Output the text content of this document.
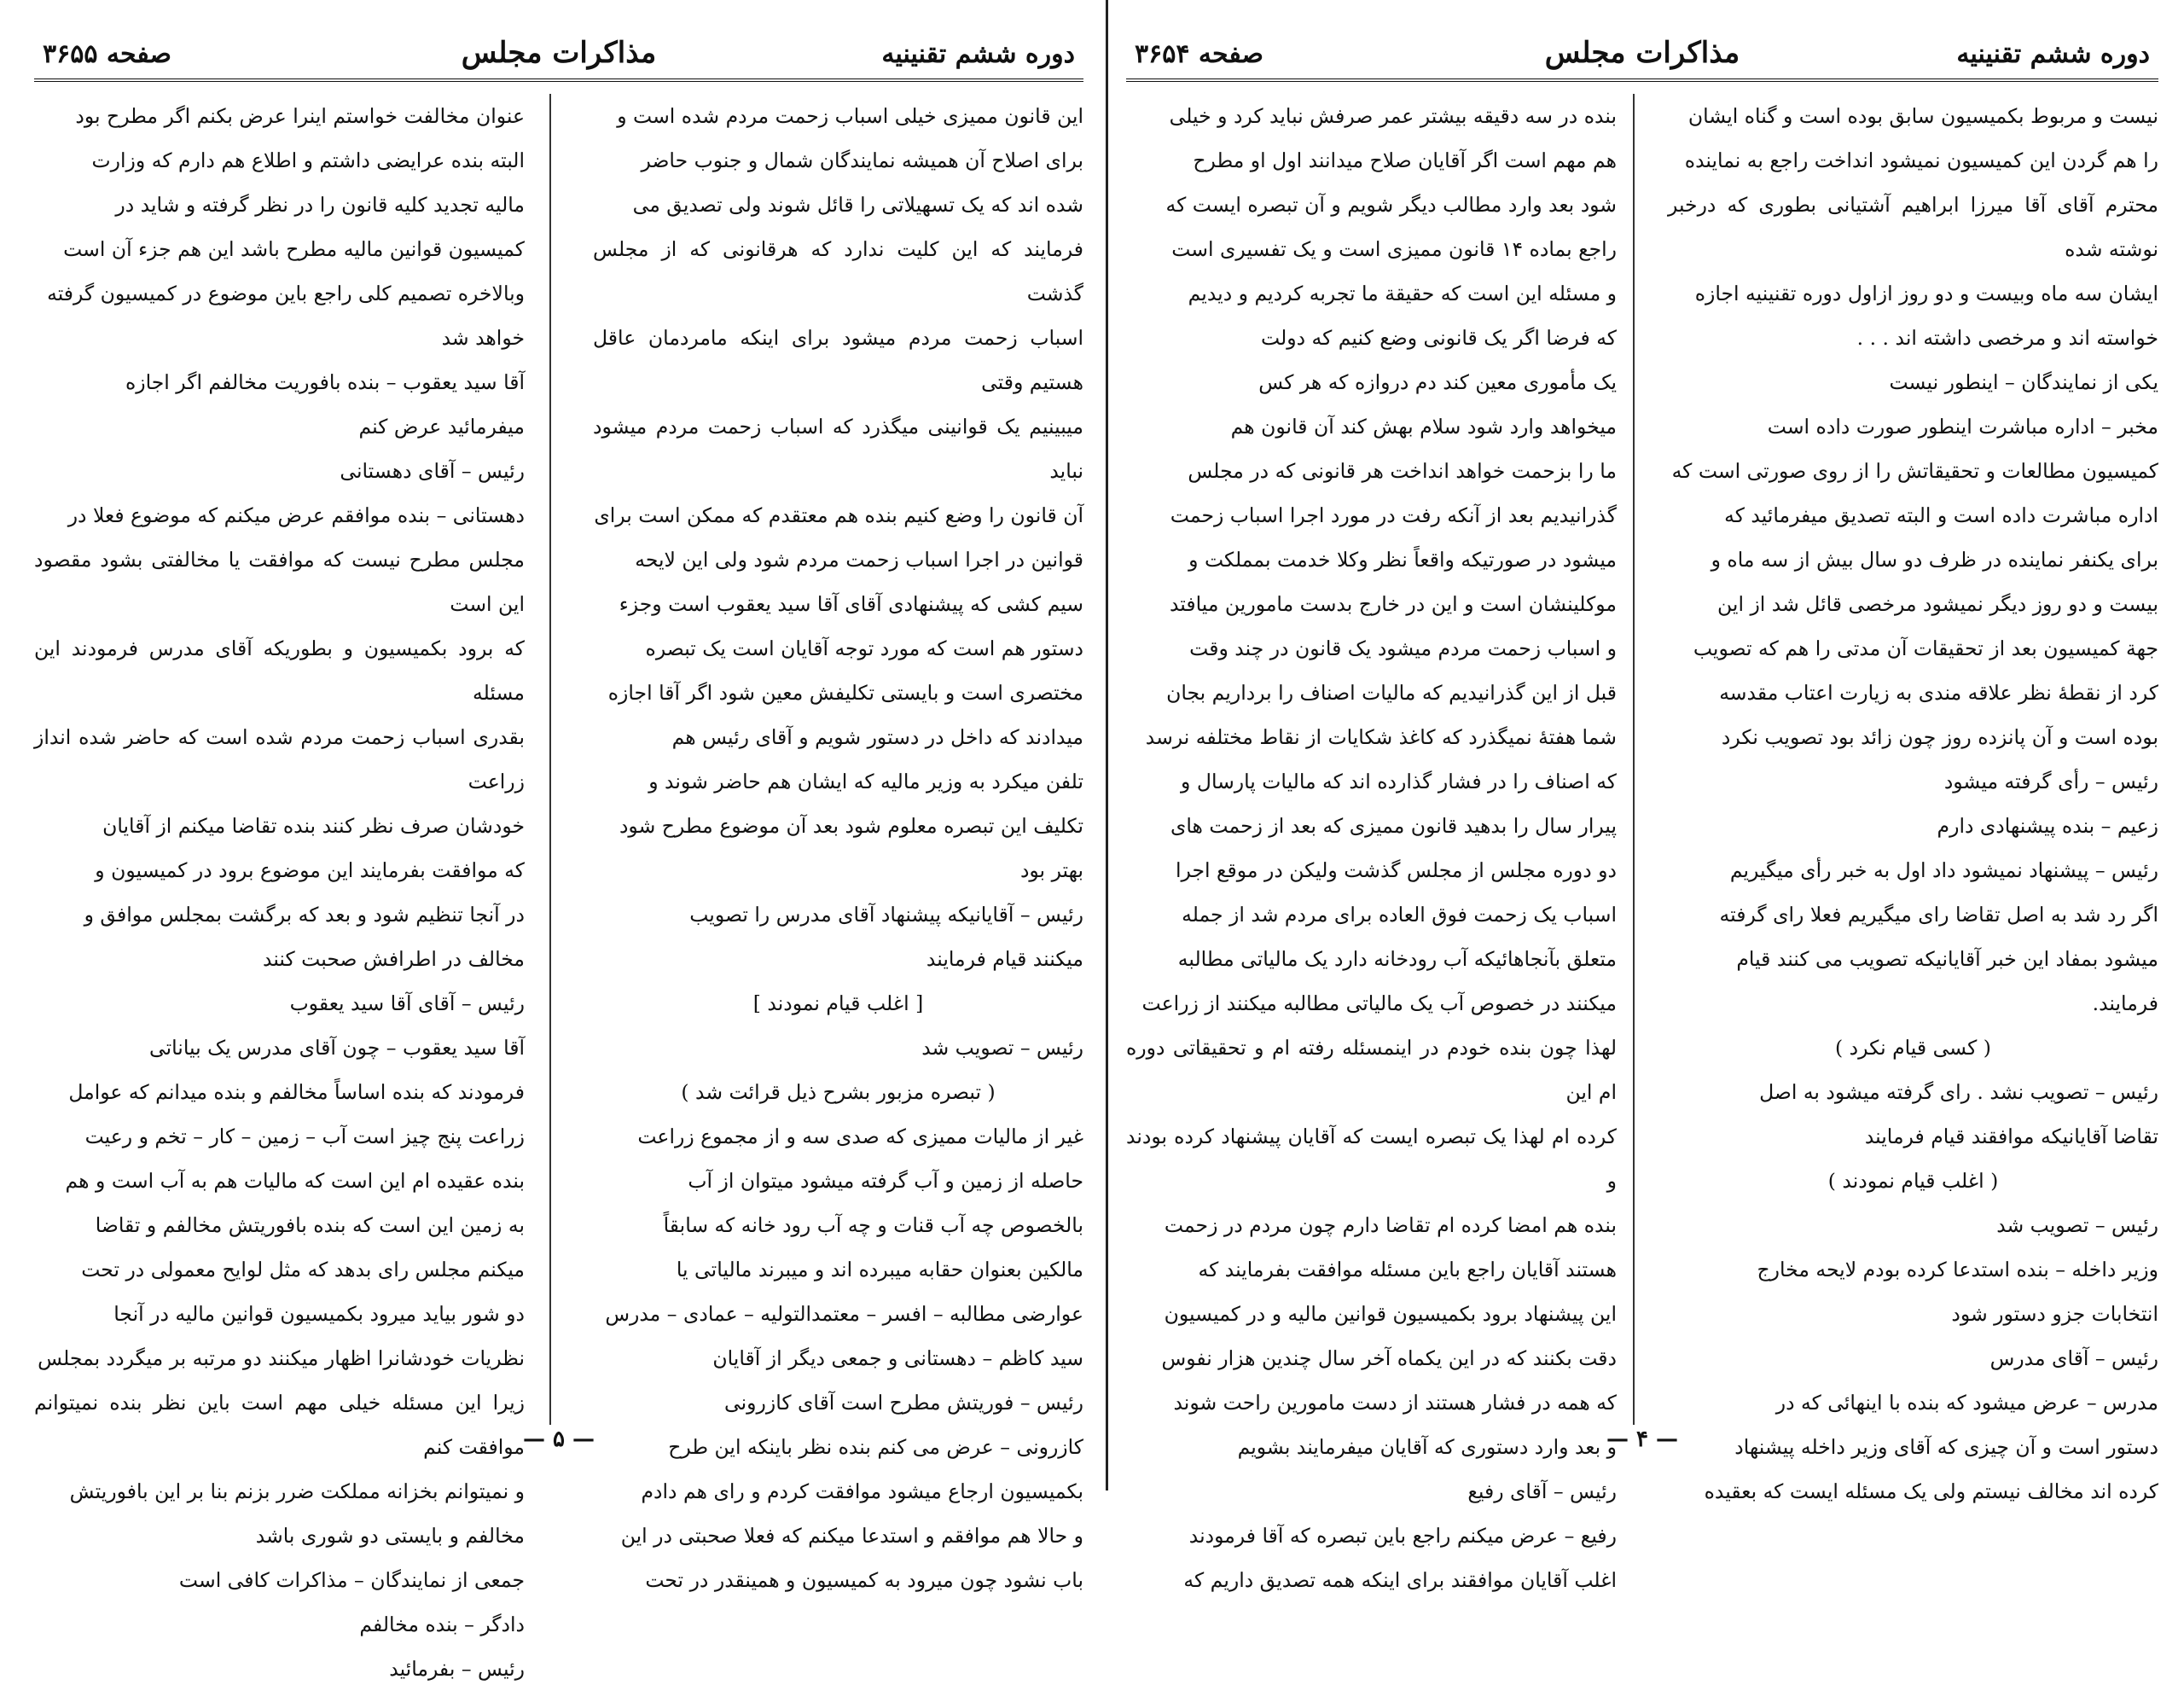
دوره ششم تقنینیه
مذاکرات مجلس
صفحه ۳۶۵۵

این قانون ممیزی خیلی اسباب زحمت مردم شده است و

برای اصلاح آن همیشه نمایندگان شمال و جنوب حاضر

شده اند که یک تسهیلاتی را قائل شوند ولی تصدیق می

فرمایند که این کلیت ندارد که هرقانونی که از مجلس گذشت

اسباب زحمت مردم میشود برای اینکه مامردمان عاقل هستیم وقتی

میبینیم یک قوانینی میگذرد که اسباب زحمت مردم میشود نباید

آن قانون را وضع کنیم بنده هم معتقدم که ممکن است برای

قوانین در اجرا اسباب زحمت مردم شود ولی این لایحه

سیم کشی که پیشنهادی آقای آقا سید یعقوب است وجزء

دستور هم است که مورد توجه آقایان است یک تبصره

مختصری است و بایستی تکلیفش معین شود اگر آقا اجازه

میدادند که داخل در دستور شویم و آقای رئیس هم

تلفن میکرد به وزیر مالیه که ایشان هم حاضر شوند و

تکلیف این تبصره معلوم شود بعد آن موضوع مطرح شود

بهتر بود

رئیس – آقایانیکه پیشنهاد آقای مدرس را تصویب

میکنند قیام فرمایند

[ اغلب قیام نمودند ]

رئیس – تصویب شد

( تبصره مزبور بشرح ذیل قرائت شد )

غیر از مالیات ممیزی که صدی سه و از مجموع زراعت

حاصله از زمین و آب گرفته میشود میتوان از آب

بالخصوص چه آب قنات و چه آب رود خانه که سابقاً

مالکین بعنوان حقابه میبرده اند و میبرند مالیاتی یا

عوارضی مطالبه – افسر – معتمدالتولیه – عمادی – مدرس

سید کاظم – دهستانی و جمعی دیگر از آقایان

رئیس – فوریتش مطرح است آقای کازرونی

کازرونی – عرض می کنم بنده نظر باینکه این طرح

بکمیسیون ارجاع میشود موافقت کردم و رای هم دادم

و حالا هم موافقم و استدعا میکنم که فعلا صحبتی در این

باب نشود چون میرود به کمیسیون و همینقدر در تحت

عنوان مخالفت خواستم اینرا عرض بکنم اگر مطرح بود

البته بنده عرایضی داشتم و اطلاع هم دارم که وزارت

مالیه تجدید کلیه قانون را در نظر گرفته و شاید در

کمیسیون قوانین مالیه مطرح باشد این هم جزء آن است

وبالاخره تصمیم کلی راجع باین موضوع در کمیسیون گرفته

خواهد شد

آقا سید یعقوب – بنده بافوریت مخالفم اگر اجازه

میفرمائید عرض کنم

رئیس – آقای دهستانی

دهستانی – بنده موافقم عرض میکنم که موضوع فعلا در

مجلس مطرح نیست که موافقت یا مخالفتی بشود مقصود این است

که برود بکمیسیون و بطوریکه آقای مدرس فرمودند این مسئله

بقدری اسباب زحمت مردم شده است که حاضر شده انداز زراعت

خودشان صرف نظر کنند بنده تقاضا میکنم از آقایان

که موافقت بفرمایند این موضوع برود در کمیسیون و

در آنجا تنظیم شود و بعد که برگشت بمجلس موافق و

مخالف در اطرافش صحبت کنند

رئیس – آقای آقا سید یعقوب

آقا سید یعقوب – چون آقای مدرس یک بیاناتی

فرمودند که بنده اساساً مخالفم و بنده میدانم که عوامل

زراعت پنج چیز است آب – زمین – کار – تخم و رعیت

بنده عقیده ام این است که مالیات هم به آب است و هم

به زمین این است که بنده بافوریتش مخالفم و تقاضا

میکنم مجلس رای بدهد که مثل لوایح معمولی در تحت

دو شور بیاید میرود بکمیسیون قوانین مالیه در آنجا

نظریات خودشانرا اظهار میکنند دو مرتبه بر میگردد بمجلس

زیرا این مسئله خیلی مهم است باین نظر بنده نمیتوانم موافقت کنم

و نمیتوانم بخزانه مملکت ضرر بزنم بنا بر این بافوریتش

مخالفم و بایستی دو شوری باشد

جمعی از نمایندگان – مذاکرات کافی است

دادگر – بنده مخالفم

رئیس – بفرمائید

— ۵ —
دوره ششم تقنینیه
مذاکرات مجلس
صفحه ۳۶۵۴

نیست و مربوط بکمیسیون سابق بوده است و گناه ایشان

را هم گردن این کمیسیون نمیشود انداخت راجع به نماینده

محترم آقای آقا میرزا ابراهیم آشتیانی بطوری که درخبر نوشته شده

ایشان سه ماه وبیست و دو روز ازاول دوره تقنینیه اجازه

خواسته اند و مرخصی داشته اند . . .

یکی از نمایندگان – اینطور نیست

مخبر – اداره مباشرت اینطور صورت داده است

کمیسیون مطالعات و تحقیقاتش را از روی صورتی است که

اداره مباشرت داده است و البته تصدیق میفرمائید که

برای یکنفر نماینده در ظرف دو سال بیش از سه ماه و

بیست و دو روز دیگر نمیشود مرخصی قائل شد از این

جهة کمیسیون بعد از تحقیقات آن مدتی را هم که تصویب

کرد از نقطهٔ نظر علاقه مندی به زیارت اعتاب مقدسه

بوده است و آن پانزده روز چون زائد بود تصویب نکرد

رئیس – رأی گرفته میشود

زعیم – بنده پیشنهادی دارم

رئیس – پیشنهاد نمیشود داد اول به خبر رأی میگیریم

اگر رد شد به اصل تقاضا رای میگیریم فعلا رای گرفته

میشود بمفاد این خبر آقایانیکه تصویب می کنند قیام

فرمایند.

( کسی قیام نکرد )

رئیس – تصویب نشد . رای گرفته میشود به اصل

تقاضا آقایانیکه موافقند قیام فرمایند

( اغلب قیام نمودند )

رئیس – تصویب شد

وزیر داخله – بنده استدعا کرده بودم لایحه مخارج

انتخابات جزو دستور شود

رئیس – آقای مدرس

مدرس – عرض میشود که بنده با اینهائی که در

دستور است و آن چیزی که آقای وزیر داخله پیشنهاد

کرده اند مخالف نیستم ولی یک مسئله ایست که بعقیده

بنده در سه دقیقه بیشتر عمر صرفش نباید کرد و خیلی

هم مهم است اگر آقایان صلاح میدانند اول او مطرح

شود بعد وارد مطالب دیگر شویم و آن تبصره ایست که

راجع بماده ۱۴ قانون ممیزی است و یک تفسیری است

و مسئله این است که حقیقة ما تجربه کردیم و دیدیم

که فرضا اگر یک قانونی وضع کنیم که دولت

یک مأموری معین کند دم دروازه که هر کس

میخواهد وارد شود سلام بهش کند آن قانون هم

ما را بزحمت خواهد انداخت هر قانونی که در مجلس

گذرانیدیم بعد از آنکه رفت در مورد اجرا اسباب زحمت

میشود در صورتیکه واقعاً نظر وکلا خدمت بمملکت و

موکلینشان است و این در خارج بدست مامورین میافتد

و اسباب زحمت مردم میشود یک قانون در چند وقت

قبل از این گذرانیدیم که مالیات اصناف را برداریم بجان

شما هفتهٔ نمیگذرد که کاغذ شکایات از نقاط مختلفه نرسد

که اصناف را در فشار گذارده اند که مالیات پارسال و

پیرار سال را بدهید قانون ممیزی که بعد از زحمت های

دو دوره مجلس از مجلس گذشت ولیکن در موقع اجرا

اسباب یک زحمت فوق العاده برای مردم شد از جمله

متعلق بآنجاهائیکه آب رودخانه دارد یک مالیاتی مطالبه

میکنند در خصوص آب یک مالیاتی مطالبه میکنند از زراعت

لهذا چون بنده خودم در اینمسئله رفته ام و تحقیقاتی دوره ام این

کرده ام لهذا یک تبصره ایست که آقایان پیشنهاد کرده بودند و

بنده هم امضا کرده ام تقاضا دارم چون مردم در زحمت

هستند آقایان راجع باین مسئله موافقت بفرمایند که

این پیشنهاد برود بکمیسیون قوانین مالیه و در کمیسیون

دقت بکنند که در این یکماه آخر سال چندین هزار نفوس

که همه در فشار هستند از دست مامورین راحت شوند

و بعد وارد دستوری که آقایان میفرمایند بشویم

رئیس – آقای رفیع

رفیع – عرض میکنم راجع باین تبصره که آقا فرمودند

اغلب آقایان موافقند برای اینکه همه تصدیق داریم که

— ۴ —
